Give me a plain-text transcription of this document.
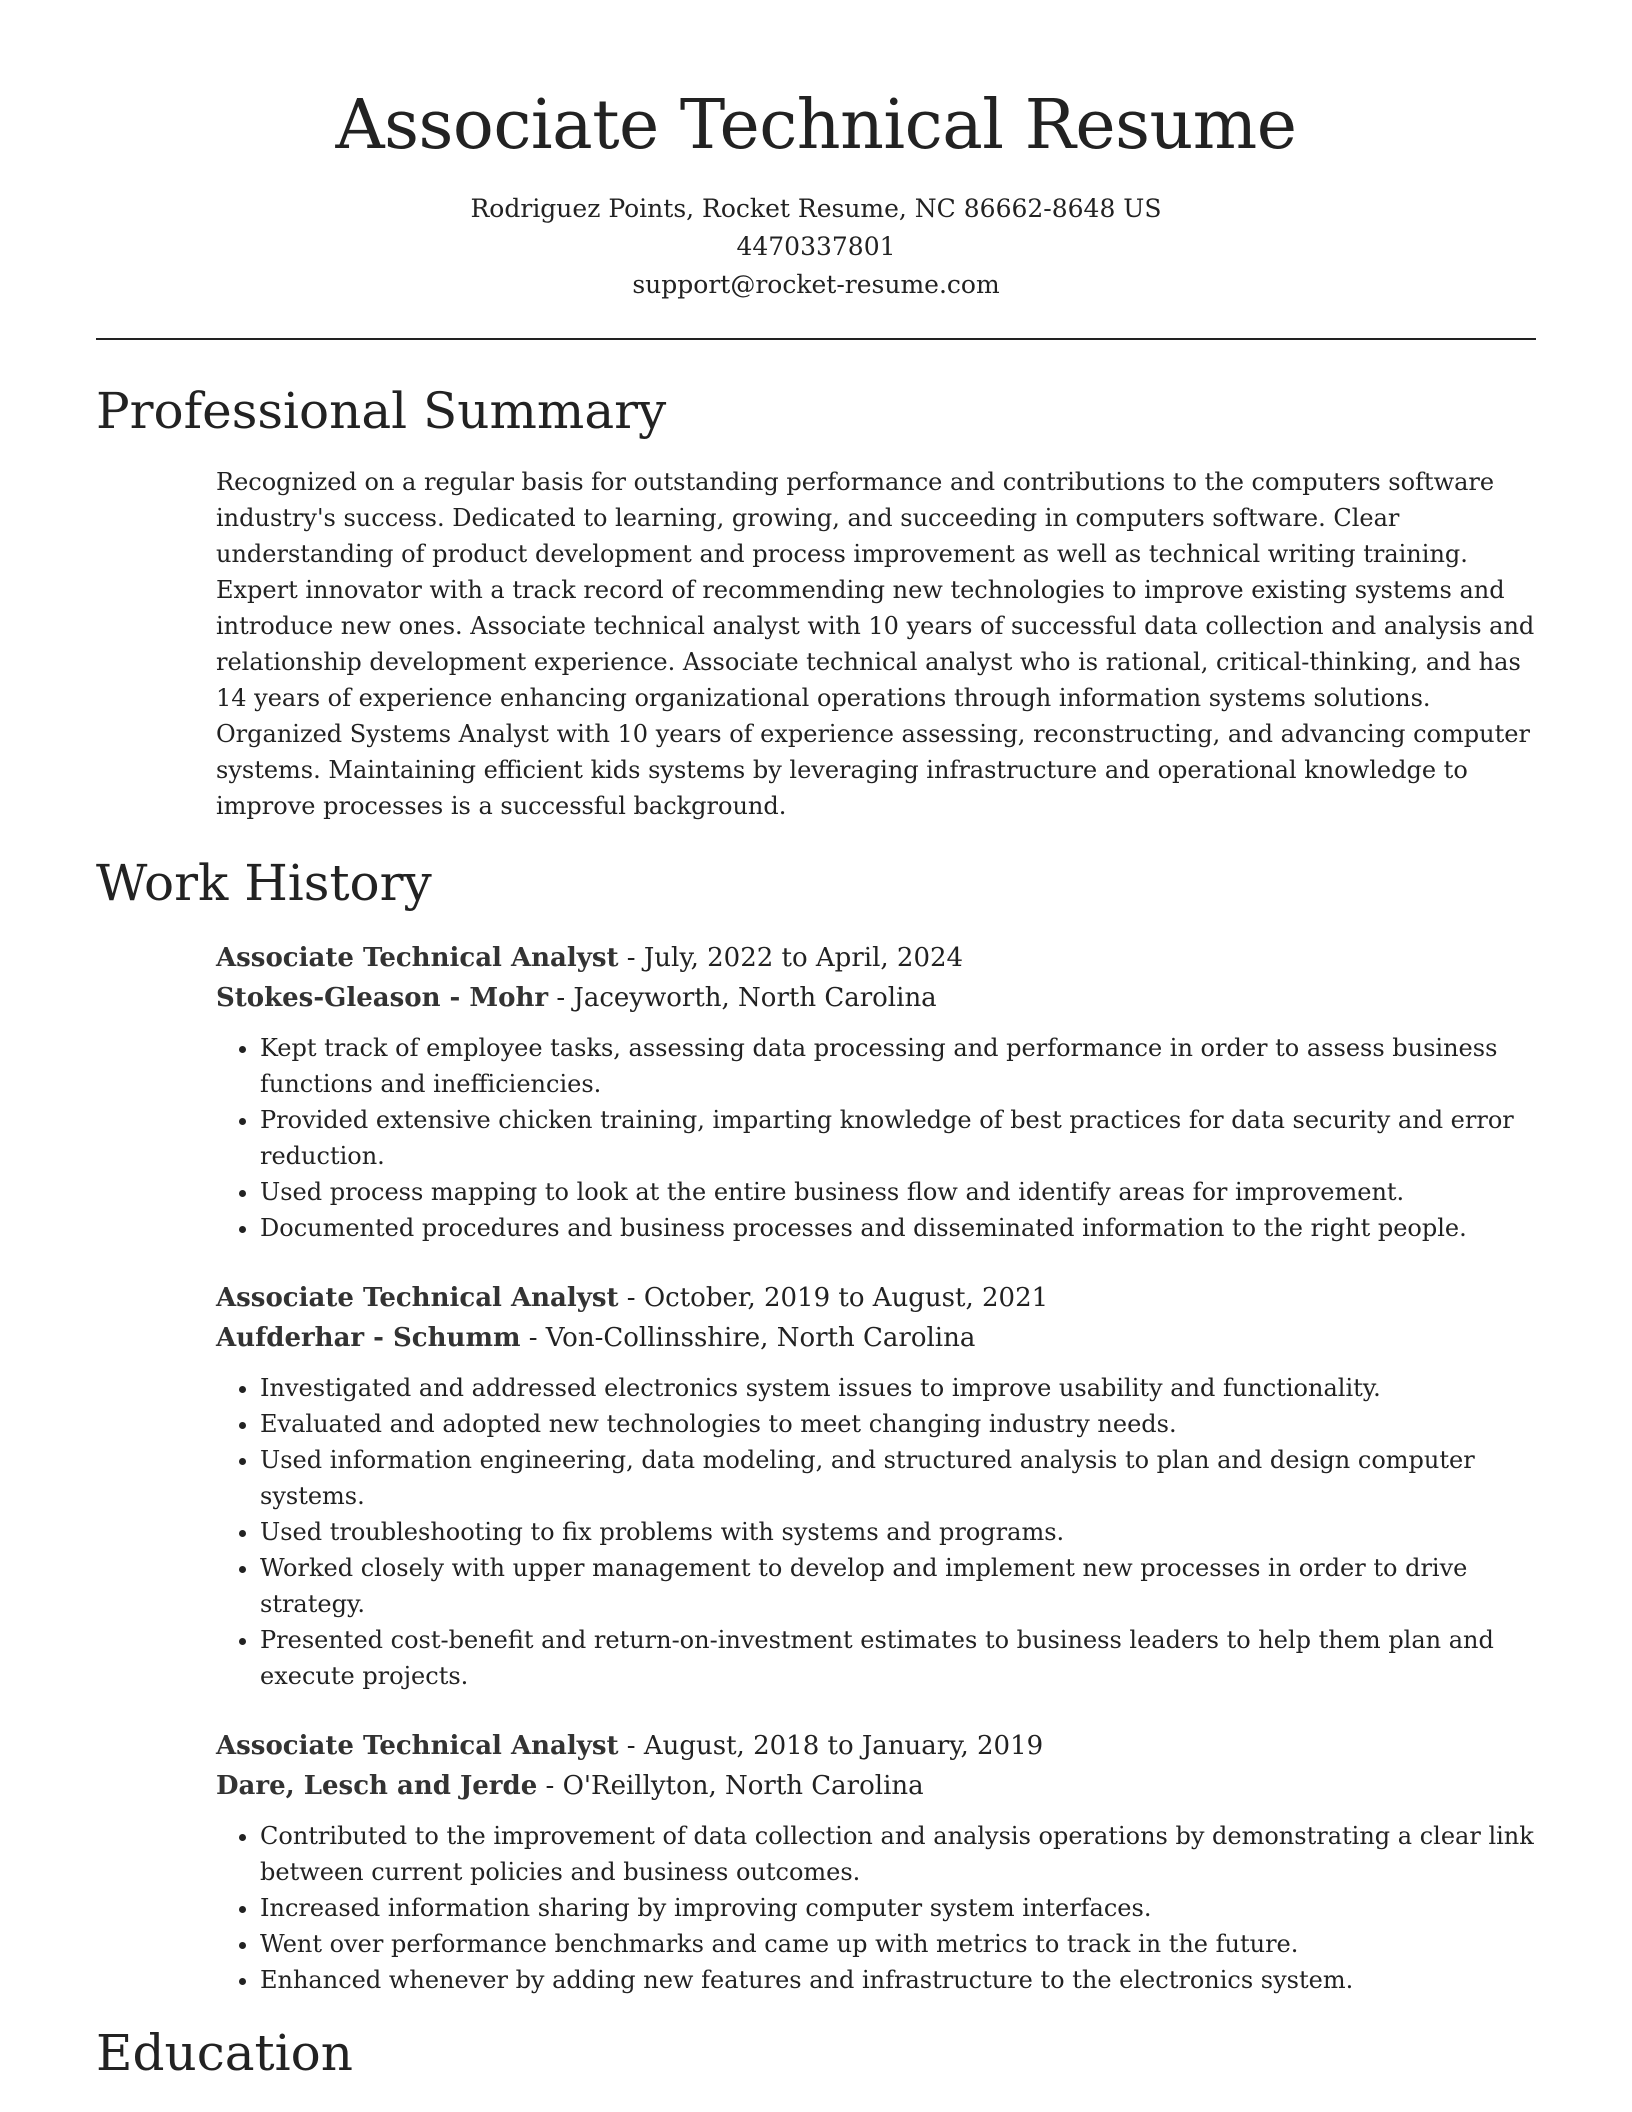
Associate Technical Resume
Rodriguez Points, Rocket Resume, NC 86662-8648 US
4470337801
support@rocket-resume.com
Professional Summary

Recognized on a regular basis for outstanding performance and contributions to the computers software industry's success. Dedicated to learning, growing, and succeeding in computers software. Clear understanding of product development and process improvement as well as technical writing training. Expert innovator with a track record of recommending new technologies to improve existing systems and introduce new ones. Associate technical analyst with 10 years of successful data collection and analysis and relationship development experience. Associate technical analyst who is rational, critical-thinking, and has 14 years of experience enhancing organizational operations through information systems solutions. Organized Systems Analyst with 10 years of experience assessing, reconstructing, and advancing computer systems. Maintaining efficient kids systems by leveraging infrastructure and operational knowledge to improve processes is a successful background.

Work History
Associate Technical Analyst - July, 2022 to April, 2024
Stokes-Gleason - Mohr - Jaceyworth, North Carolina
• Kept track of employee tasks, assessing data processing and performance in order to assess business functions and inefficiencies.
• Provided extensive chicken training, imparting knowledge of best practices for data security and error reduction.
• Used process mapping to look at the entire business flow and identify areas for improvement.
• Documented procedures and business processes and disseminated information to the right people.
Associate Technical Analyst - October, 2019 to August, 2021
Aufderhar - Schumm - Von-Collinsshire, North Carolina
• Investigated and addressed electronics system issues to improve usability and functionality.
• Evaluated and adopted new technologies to meet changing industry needs.
• Used information engineering, data modeling, and structured analysis to plan and design computer systems.
• Used troubleshooting to fix problems with systems and programs.
• Worked closely with upper management to develop and implement new processes in order to drive strategy.
• Presented cost-benefit and return-on-investment estimates to business leaders to help them plan and execute projects.
Associate Technical Analyst - August, 2018 to January, 2019
Dare, Lesch and Jerde - O'Reillyton, North Carolina
• Contributed to the improvement of data collection and analysis operations by demonstrating a clear link between current policies and business outcomes.
• Increased information sharing by improving computer system interfaces.
• Went over performance benchmarks and came up with metrics to track in the future.
• Enhanced whenever by adding new features and infrastructure to the electronics system.
Education
